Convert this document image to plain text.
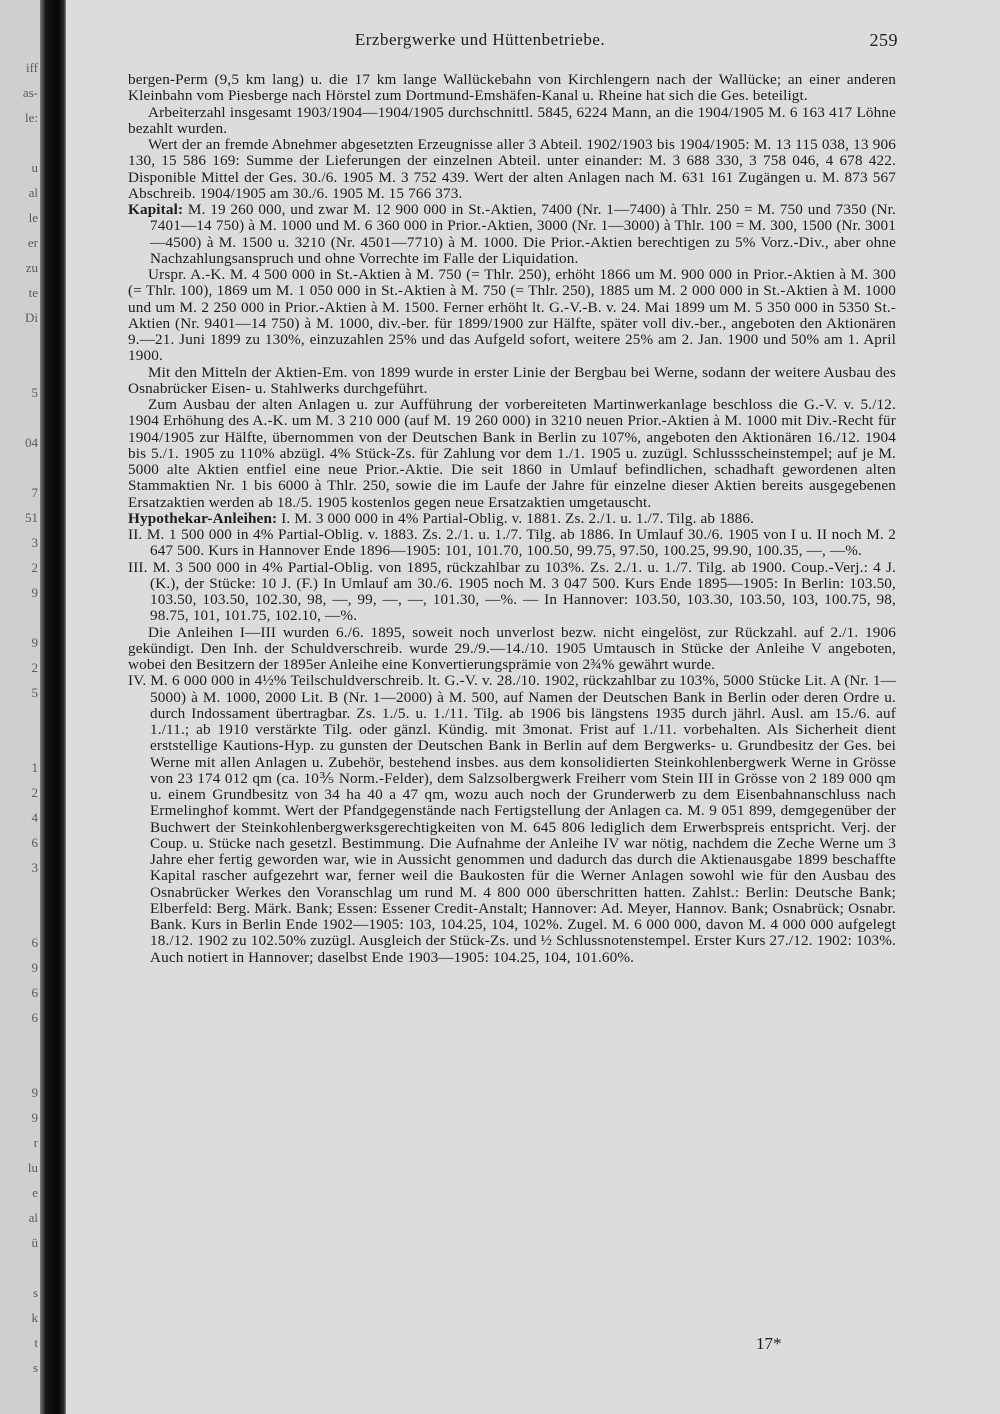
iff
as-
le:
u
al
le
er
zu
te
Di
5
04
7
51
3
2
9
9
2
5
1
2
4
6
3
6
9
6
6
9
9
r
lu
e
al
ü
s
k
t
s
Erzbergwerke und Hüttenbetriebe.	259

bergen-Perm (9,5 km lang) u. die 17 km lange Wallückebahn von Kirchlengern nach der Wallücke; an einer anderen Kleinbahn vom Piesberge nach Hörstel zum Dortmund-Emshäfen-Kanal u. Rheine hat sich die Ges. beteiligt.

Arbeiterzahl insgesamt 1903/1904—1904/1905 durchschnittl. 5845, 6224 Mann, an die 1904/1905 M. 6 163 417 Löhne bezahlt wurden.

Wert der an fremde Abnehmer abgesetzten Erzeugnisse aller 3 Abteil. 1902/1903 bis 1904/1905: M. 13 115 038, 13 906 130, 15 586 169: Summe der Lieferungen der einzelnen Abteil. unter einander: M. 3 688 330, 3 758 046, 4 678 422. Disponible Mittel der Ges. 30./6. 1905 M. 3 752 439. Wert der alten Anlagen nach M. 631 161 Zugängen u. M. 873 567 Abschreib. 1904/1905 am 30./6. 1905 M. 15 766 373.

Kapital: M. 19 260 000, und zwar M. 12 900 000 in St.-Aktien, 7400 (Nr. 1—7400) à Thlr. 250 = M. 750 und 7350 (Nr. 7401—14 750) à M. 1000 und M. 6 360 000 in Prior.-Aktien, 3000 (Nr. 1—3000) à Thlr. 100 = M. 300, 1500 (Nr. 3001—4500) à M. 1500 u. 3210 (Nr. 4501—7710) à M. 1000. Die Prior.-Aktien berechtigen zu 5% Vorz.-Div., aber ohne Nachzahlungsanspruch und ohne Vorrechte im Falle der Liquidation.

Urspr. A.-K. M. 4 500 000 in St.-Aktien à M. 750 (= Thlr. 250), erhöht 1866 um M. 900 000 in Prior.-Aktien à M. 300 (= Thlr. 100), 1869 um M. 1 050 000 in St.-Aktien à M. 750 (= Thlr. 250), 1885 um M. 2 000 000 in St.-Aktien à M. 1000 und um M. 2 250 000 in Prior.-Aktien à M. 1500. Ferner erhöht lt. G.-V.-B. v. 24. Mai 1899 um M. 5 350 000 in 5350 St.-Aktien (Nr. 9401—14 750) à M. 1000, div.-ber. für 1899/1900 zur Hälfte, später voll div.-ber., angeboten den Aktionären 9.—21. Juni 1899 zu 130%, einzuzahlen 25% und das Aufgeld sofort, weitere 25% am 2. Jan. 1900 und 50% am 1. April 1900.

Mit den Mitteln der Aktien-Em. von 1899 wurde in erster Linie der Bergbau bei Werne, sodann der weitere Ausbau des Osnabrücker Eisen- u. Stahlwerks durchgeführt.

Zum Ausbau der alten Anlagen u. zur Aufführung der vorbereiteten Martinwerkanlage beschloss die G.-V. v. 5./12. 1904 Erhöhung des A.-K. um M. 3 210 000 (auf M. 19 260 000) in 3210 neuen Prior.-Aktien à M. 1000 mit Div.-Recht für 1904/1905 zur Hälfte, übernommen von der Deutschen Bank in Berlin zu 107%, angeboten den Aktionären 16./12. 1904 bis 5./1. 1905 zu 110% abzügl. 4% Stück-Zs. für Zahlung vor dem 1./1. 1905 u. zuzügl. Schlussscheinstempel; auf je M. 5000 alte Aktien entfiel eine neue Prior.-Aktie. Die seit 1860 in Umlauf befindlichen, schadhaft gewordenen alten Stammaktien Nr. 1 bis 6000 à Thlr. 250, sowie die im Laufe der Jahre für einzelne dieser Aktien bereits ausgegebenen Ersatzaktien werden ab 18./5. 1905 kostenlos gegen neue Ersatzaktien umgetauscht.

Hypothekar-Anleihen: I. M. 3 000 000 in 4% Partial-Oblig. v. 1881. Zs. 2./1. u. 1./7. Tilg. ab 1886.

II. M. 1 500 000 in 4% Partial-Oblig. v. 1883. Zs. 2./1. u. 1./7. Tilg. ab 1886. In Umlauf 30./6. 1905 von I u. II noch M. 2 647 500. Kurs in Hannover Ende 1896—1905: 101, 101.70, 100.50, 99.75, 97.50, 100.25, 99.90, 100.35, —, —%.

III. M. 3 500 000 in 4% Partial-Oblig. von 1895, rückzahlbar zu 103%. Zs. 2./1. u. 1./7. Tilg. ab 1900. Coup.-Verj.: 4 J. (K.), der Stücke: 10 J. (F.) In Umlauf am 30./6. 1905 noch M. 3 047 500. Kurs Ende 1895—1905: In Berlin: 103.50, 103.50, 103.50, 102.30, 98, —, 99, —, —, 101.30, —%. — In Hannover: 103.50, 103.30, 103.50, 103, 100.75, 98, 98.75, 101, 101.75, 102.10, —%.

Die Anleihen I—III wurden 6./6. 1895, soweit noch unverlost bezw. nicht eingelöst, zur Rückzahl. auf 2./1. 1906 gekündigt. Den Inh. der Schuldverschreib. wurde 29./9.—14./10. 1905 Umtausch in Stücke der Anleihe V angeboten, wobei den Besitzern der 1895er Anleihe eine Konvertierungsprämie von 2¾% gewährt wurde.

IV. M. 6 000 000 in 4½% Teilschuldverschreib. lt. G.-V. v. 28./10. 1902, rückzahlbar zu 103%, 5000 Stücke Lit. A (Nr. 1—5000) à M. 1000, 2000 Lit. B (Nr. 1—2000) à M. 500, auf Namen der Deutschen Bank in Berlin oder deren Ordre u. durch Indossament übertragbar. Zs. 1./5. u. 1./11. Tilg. ab 1906 bis längstens 1935 durch jährl. Ausl. am 15./6. auf 1./11.; ab 1910 verstärkte Tilg. oder gänzl. Kündig. mit 3monat. Frist auf 1./11. vorbehalten. Als Sicherheit dient erststellige Kautions-Hyp. zu gunsten der Deutschen Bank in Berlin auf dem Bergwerks- u. Grundbesitz der Ges. bei Werne mit allen Anlagen u. Zubehör, bestehend insbes. aus dem konsolidierten Steinkohlenbergwerk Werne in Grösse von 23 174 012 qm (ca. 10⅗ Norm.-Felder), dem Salzsolbergwerk Freiherr vom Stein III in Grösse von 2 189 000 qm u. einem Grundbesitz von 34 ha 40 a 47 qm, wozu auch noch der Grunderwerb zu dem Eisenbahnanschluss nach Ermelinghof kommt. Wert der Pfandgegenstände nach Fertigstellung der Anlagen ca. M. 9 051 899, demgegenüber der Buchwert der Steinkohlenbergwerksgerechtigkeiten von M. 645 806 lediglich dem Erwerbspreis entspricht. Verj. der Coup. u. Stücke nach gesetzl. Bestimmung. Die Aufnahme der Anleihe IV war nötig, nachdem die Zeche Werne um 3 Jahre eher fertig geworden war, wie in Aussicht genommen und dadurch das durch die Aktienausgabe 1899 beschaffte Kapital rascher aufgezehrt war, ferner weil die Baukosten für die Werner Anlagen sowohl wie für den Ausbau des Osnabrücker Werkes den Voranschlag um rund M. 4 800 000 überschritten hatten. Zahlst.: Berlin: Deutsche Bank; Elberfeld: Berg. Märk. Bank; Essen: Essener Credit-Anstalt; Hannover: Ad. Meyer, Hannov. Bank; Osnabrück; Osnabr. Bank. Kurs in Berlin Ende 1902—1905: 103, 104.25, 104, 102%. Zugel. M. 6 000 000, davon M. 4 000 000 aufgelegt 18./12. 1902 zu 102.50% zuzügl. Ausgleich der Stück-Zs. und ½ Schlussnotenstempel. Erster Kurs 27./12. 1902: 103%. Auch notiert in Hannover; daselbst Ende 1903—1905: 104.25, 104, 101.60%.

17*
